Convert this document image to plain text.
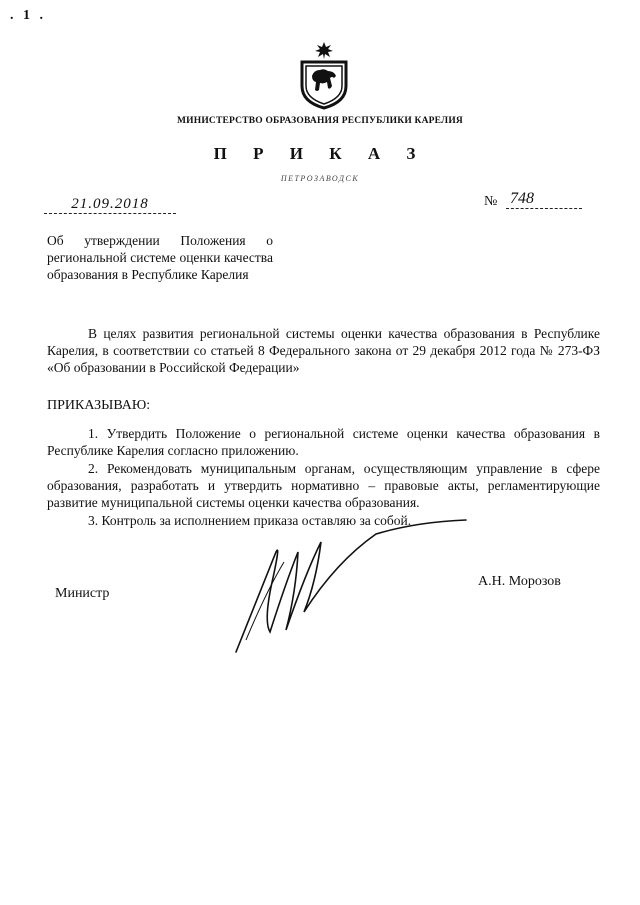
. 1 .
МИНИСТЕРСТВО ОБРАЗОВАНИЯ РЕСПУБЛИКИ КАРЕЛИЯ
П Р И К А З
ПЕТРОЗАВОДСК
21.09.2018	№ 748
Об утверждении Положения о региональной системе оценки качества образования в Республике Карелия
В целях развития региональной системы оценки качества образования в Республике Карелия, в соответствии со статьей 8 Федерального закона от 29 декабря 2012 года № 273-ФЗ «Об образовании в Российской Федерации»
ПРИКАЗЫВАЮ:

1. Утвердить Положение о региональной системе оценки качества образования в Республике Карелия согласно приложению.

2. Рекомендовать муниципальным органам, осуществляющим управление в сфере образования, разработать и утвердить нормативно – правовые акты, регламентирующие развитие муниципальной системы оценки качества образования.

3. Контроль за исполнением приказа оставляю за собой.

Министр
А.Н. Морозов
